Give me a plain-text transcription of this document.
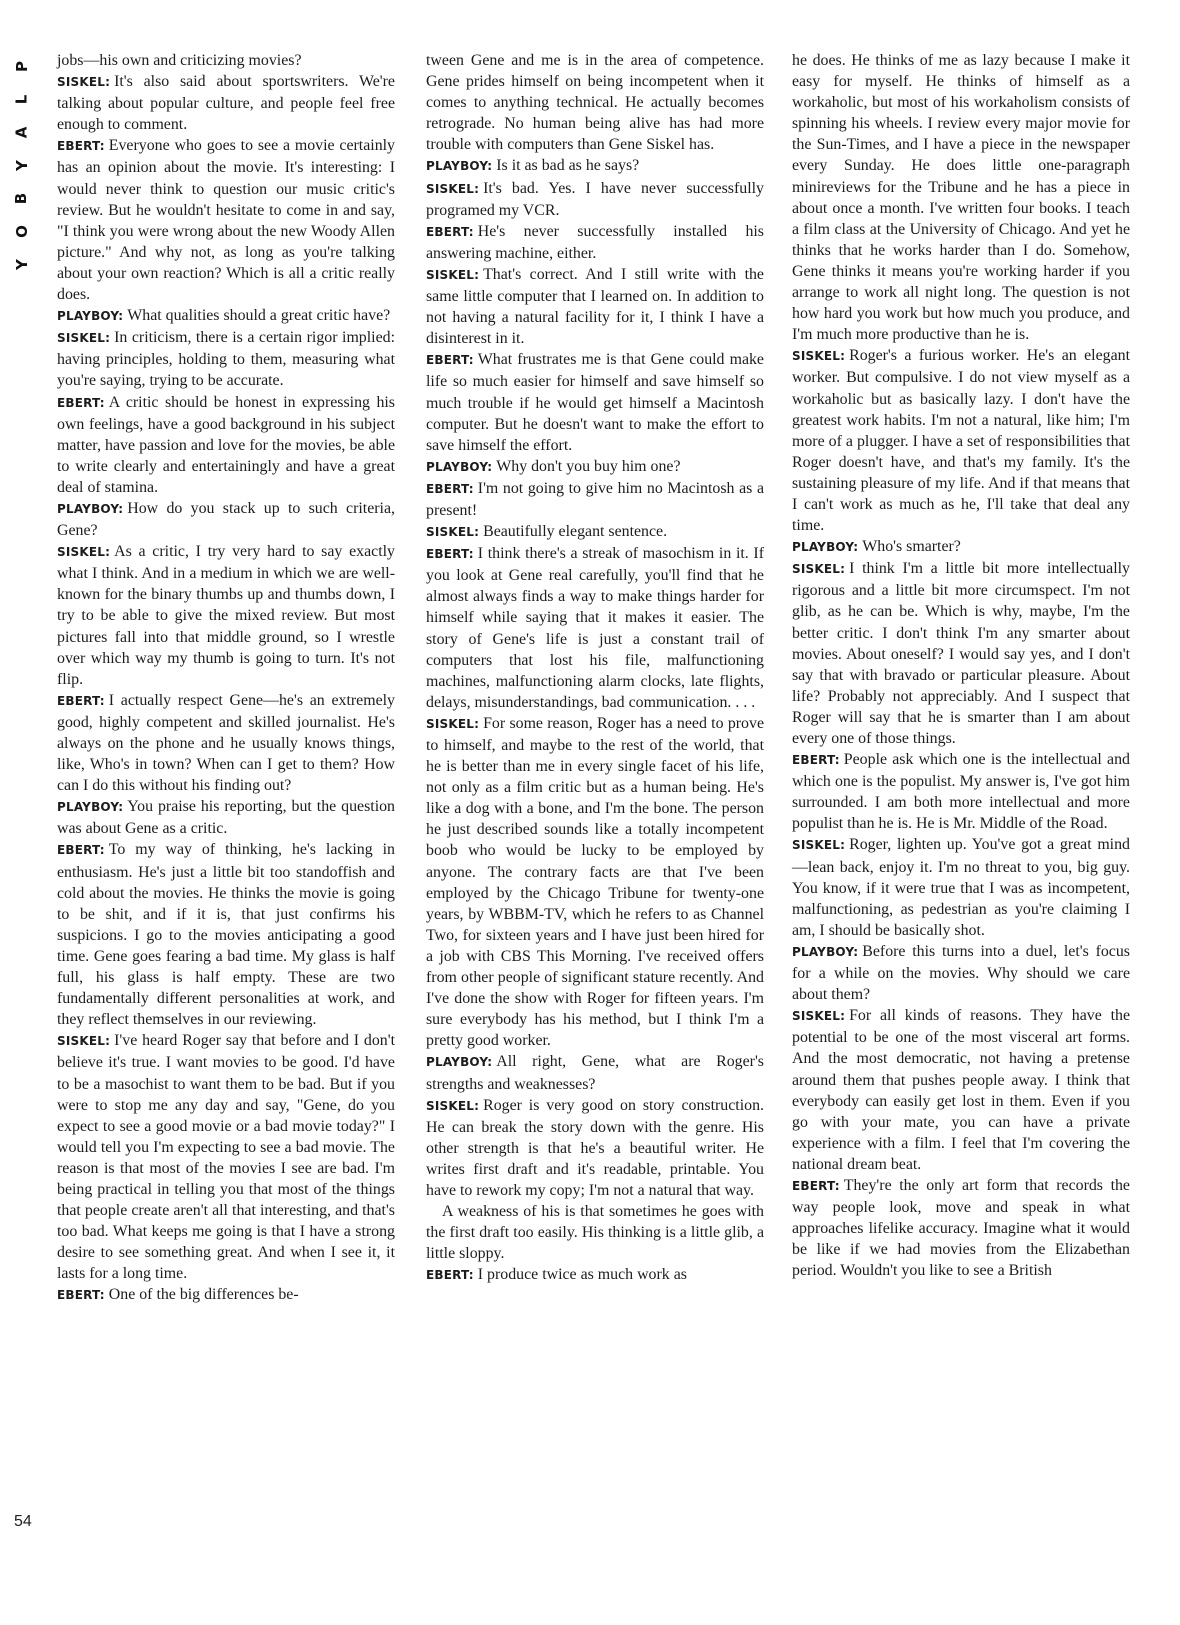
P
L
A
Y
B
O
Y
54

jobs—his own and criticizing movies?

SISKEL: It's also said about sportswriters. We're talking about popular culture, and people feel free enough to comment.

EBERT: Everyone who goes to see a movie certainly has an opinion about the movie. It's interesting: I would never think to question our music critic's review. But he wouldn't hesitate to come in and say, "I think you were wrong about the new Woody Allen picture." And why not, as long as you're talking about your own reaction? Which is all a critic really does.

PLAYBOY: What qualities should a great critic have?

SISKEL: In criticism, there is a certain rigor implied: having principles, holding to them, measuring what you're saying, trying to be accurate.

EBERT: A critic should be honest in expressing his own feelings, have a good background in his subject matter, have passion and love for the movies, be able to write clearly and entertainingly and have a great deal of stamina.

PLAYBOY: How do you stack up to such criteria, Gene?

SISKEL: As a critic, I try very hard to say exactly what I think. And in a medium in which we are well-known for the binary thumbs up and thumbs down, I try to be able to give the mixed review. But most pictures fall into that middle ground, so I wrestle over which way my thumb is going to turn. It's not flip.

EBERT: I actually respect Gene—he's an extremely good, highly competent and skilled journalist. He's always on the phone and he usually knows things, like, Who's in town? When can I get to them? How can I do this without his finding out?

PLAYBOY: You praise his reporting, but the question was about Gene as a critic.

EBERT: To my way of thinking, he's lacking in enthusiasm. He's just a little bit too standoffish and cold about the movies. He thinks the movie is going to be shit, and if it is, that just confirms his suspicions. I go to the movies anticipating a good time. Gene goes fearing a bad time. My glass is half full, his glass is half empty. These are two fundamentally different personalities at work, and they reflect themselves in our reviewing.

SISKEL: I've heard Roger say that before and I don't believe it's true. I want movies to be good. I'd have to be a masochist to want them to be bad. But if you were to stop me any day and say, "Gene, do you expect to see a good movie or a bad movie today?" I would tell you I'm expecting to see a bad movie. The reason is that most of the movies I see are bad. I'm being practical in telling you that most of the things that people create aren't all that interesting, and that's too bad. What keeps me going is that I have a strong desire to see something great. And when I see it, it lasts for a long time.

EBERT: One of the big differences be-

tween Gene and me is in the area of competence. Gene prides himself on being incompetent when it comes to anything technical. He actually becomes retrograde. No human being alive has had more trouble with computers than Gene Siskel has.

PLAYBOY: Is it as bad as he says?

SISKEL: It's bad. Yes. I have never successfully programed my VCR.

EBERT: He's never successfully installed his answering machine, either.

SISKEL: That's correct. And I still write with the same little computer that I learned on. In addition to not having a natural facility for it, I think I have a disinterest in it.

EBERT: What frustrates me is that Gene could make life so much easier for himself and save himself so much trouble if he would get himself a Macintosh computer. But he doesn't want to make the effort to save himself the effort.

PLAYBOY: Why don't you buy him one?

EBERT: I'm not going to give him no Macintosh as a present!

SISKEL: Beautifully elegant sentence.

EBERT: I think there's a streak of masochism in it. If you look at Gene real carefully, you'll find that he almost always finds a way to make things harder for himself while saying that it makes it easier. The story of Gene's life is just a constant trail of computers that lost his file, malfunctioning machines, malfunctioning alarm clocks, late flights, delays, misunderstandings, bad communication. . . .

SISKEL: For some reason, Roger has a need to prove to himself, and maybe to the rest of the world, that he is better than me in every single facet of his life, not only as a film critic but as a human being. He's like a dog with a bone, and I'm the bone. The person he just described sounds like a totally incompetent boob who would be lucky to be employed by anyone. The contrary facts are that I've been employed by the Chicago Tribune for twenty-one years, by WBBM-TV, which he refers to as Channel Two, for sixteen years and I have just been hired for a job with CBS This Morning. I've received offers from other people of significant stature recently. And I've done the show with Roger for fifteen years. I'm sure everybody has his method, but I think I'm a pretty good worker.

PLAYBOY: All right, Gene, what are Roger's strengths and weaknesses?

SISKEL: Roger is very good on story construction. He can break the story down with the genre. His other strength is that he's a beautiful writer. He writes first draft and it's readable, printable. You have to rework my copy; I'm not a natural that way.

A weakness of his is that sometimes he goes with the first draft too easily. His thinking is a little glib, a little sloppy.

EBERT: I produce twice as much work as

he does. He thinks of me as lazy because I make it easy for myself. He thinks of himself as a workaholic, but most of his workaholism consists of spinning his wheels. I review every major movie for the Sun-Times, and I have a piece in the newspaper every Sunday. He does little one-paragraph minireviews for the Tribune and he has a piece in about once a month. I've written four books. I teach a film class at the University of Chicago. And yet he thinks that he works harder than I do. Somehow, Gene thinks it means you're working harder if you arrange to work all night long. The question is not how hard you work but how much you produce, and I'm much more productive than he is.

SISKEL: Roger's a furious worker. He's an elegant worker. But compulsive. I do not view myself as a workaholic but as basically lazy. I don't have the greatest work habits. I'm not a natural, like him; I'm more of a plugger. I have a set of responsibilities that Roger doesn't have, and that's my family. It's the sustaining pleasure of my life. And if that means that I can't work as much as he, I'll take that deal any time.

PLAYBOY: Who's smarter?

SISKEL: I think I'm a little bit more intellectually rigorous and a little bit more circumspect. I'm not glib, as he can be. Which is why, maybe, I'm the better critic. I don't think I'm any smarter about movies. About oneself? I would say yes, and I don't say that with bravado or particular pleasure. About life? Probably not appreciably. And I suspect that Roger will say that he is smarter than I am about every one of those things.

EBERT: People ask which one is the intellectual and which one is the populist. My answer is, I've got him surrounded. I am both more intellectual and more populist than he is. He is Mr. Middle of the Road.

SISKEL: Roger, lighten up. You've got a great mind—lean back, enjoy it. I'm no threat to you, big guy. You know, if it were true that I was as incompetent, malfunctioning, as pedestrian as you're claiming I am, I should be basically shot.

PLAYBOY: Before this turns into a duel, let's focus for a while on the movies. Why should we care about them?

SISKEL: For all kinds of reasons. They have the potential to be one of the most visceral art forms. And the most democratic, not having a pretense around them that pushes people away. I think that everybody can easily get lost in them. Even if you go with your mate, you can have a private experience with a film. I feel that I'm covering the national dream beat.

EBERT: They're the only art form that records the way people look, move and speak in what approaches lifelike accuracy. Imagine what it would be like if we had movies from the Elizabethan period. Wouldn't you like to see a British
